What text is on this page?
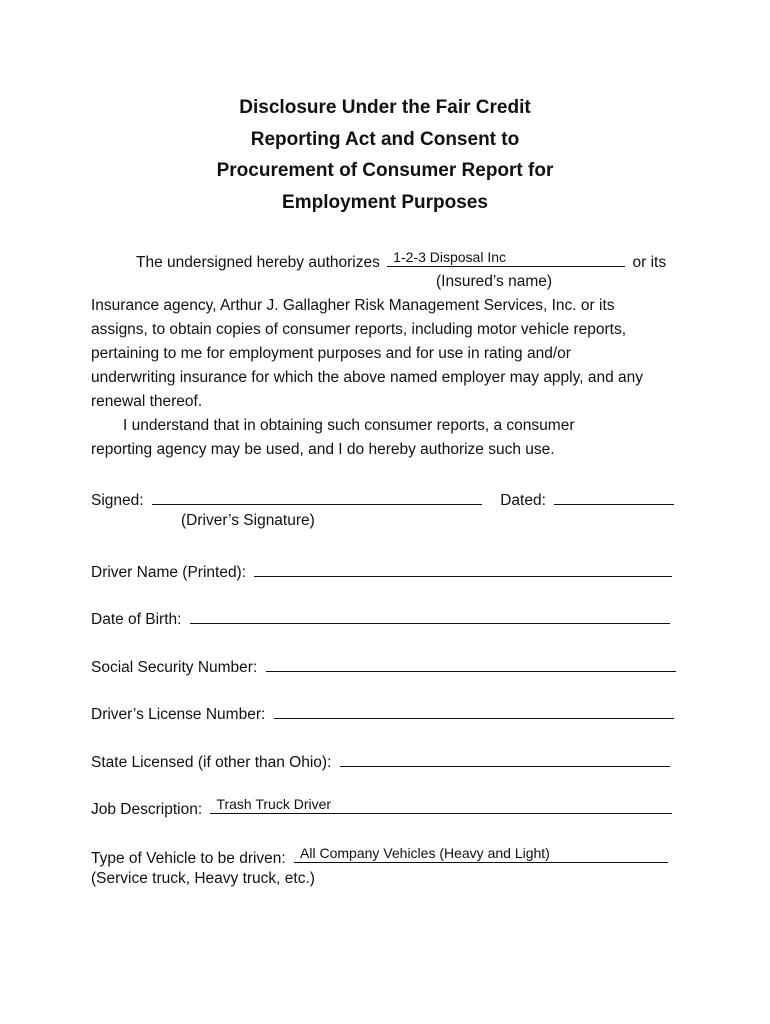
Disclosure Under the Fair Credit
Reporting Act and Consent to
Procurement of Consumer Report for
Employment Purposes
The undersigned hereby authorizes 1-2-3 Disposal Inc	or its
(Insured’s name)
Insurance agency, Arthur J. Gallagher Risk Management Services, Inc. or its
assigns, to obtain copies of consumer reports, including motor vehicle reports,
pertaining to me for employment purposes and for use in rating and/or
underwriting insurance for which the above named employer may apply, and any
renewal thereof.
I understand that in obtaining such consumer reports, a consumer
reporting agency may be used, and I do hereby authorize such use.
Signed:	Dated:
(Driver’s Signature)
Driver Name (Printed):
Date of Birth:
Social Security Number:
Driver’s License Number:
State Licensed (if other than Ohio):
Job Description: Trash Truck Driver
Type of Vehicle to be driven: All Company Vehicles (Heavy and Light)
(Service truck, Heavy truck, etc.)
